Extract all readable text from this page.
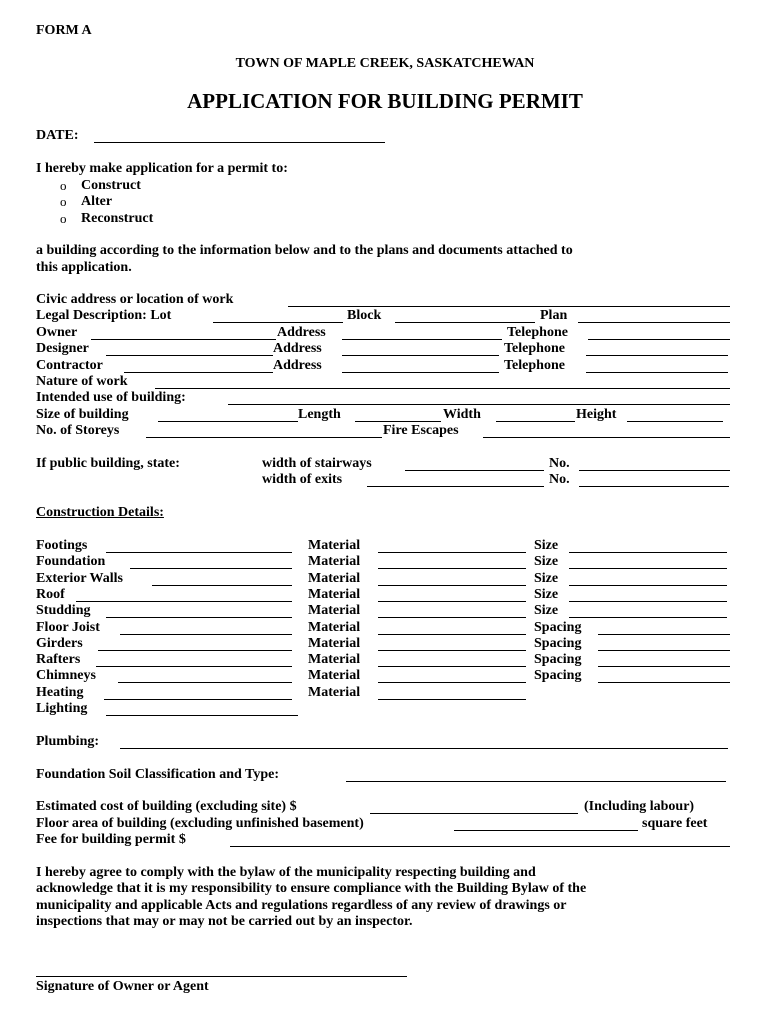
FORM A
TOWN OF MAPLE CREEK, SASKATCHEWAN
APPLICATION FOR BUILDING PERMIT
DATE:
I hereby make application for a permit to:
o Construct
o Alter
o Reconstruct
a building according to the information below and to the plans and documents attached to
this application.
Civic address or location of work
Legal Description: Lot	Block	Plan
Owner	Address	Telephone
Designer	Address	Telephone
Contractor	Address	Telephone
Nature of work
Intended use of building:
Size of building	Length	Width	Height
No. of Storeys	Fire Escapes
If public building, state:	width of stairways	No.
width of exits	No.
Construction Details:
Footings	Material	Size
Foundation	Material	Size
Exterior Walls	Material	Size
Roof	Material	Size
Studding	Material	Size
Floor Joist	Material	Spacing
Girders	Material	Spacing
Rafters	Material	Spacing
Chimneys	Material	Spacing
Heating	Material
Lighting
Plumbing:
Foundation Soil Classification and Type:
Estimated cost of building (excluding site) $	(Including labour)
Floor area of building (excluding unfinished basement)	square feet
Fee for building permit $
I hereby agree to comply with the bylaw of the municipality respecting building and
acknowledge that it is my responsibility to ensure compliance with the Building Bylaw of the
municipality and applicable Acts and regulations regardless of any review of drawings or
inspections that may or may not be carried out by an inspector.
Signature of Owner or Agent
